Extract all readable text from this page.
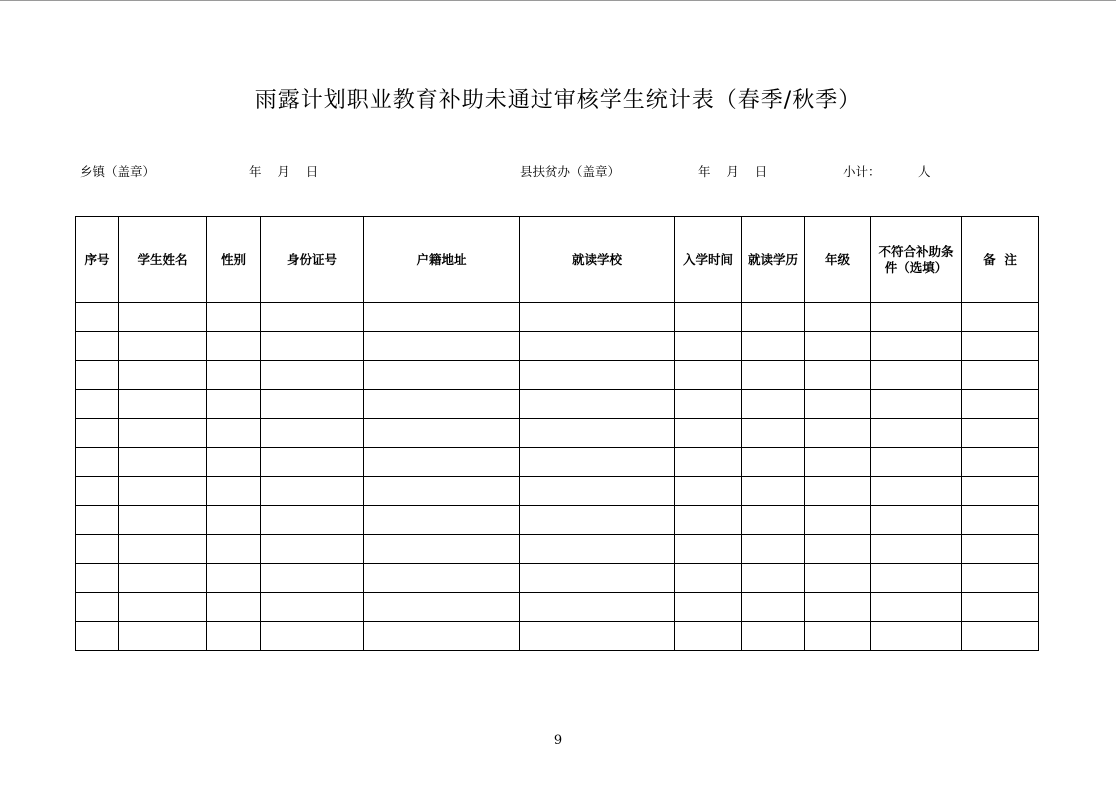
雨露计划职业教育补助未通过审核学生统计表（春季/秋季）
乡镇（盖章）	年    月    日	县扶贫办（盖章）	年    月    日	小计：	人
序号	学生姓名	性别	身份证号	户籍地址	就读学校	入学时间	就读学历	年级	不符合补助条件（选填）	备  注

9
